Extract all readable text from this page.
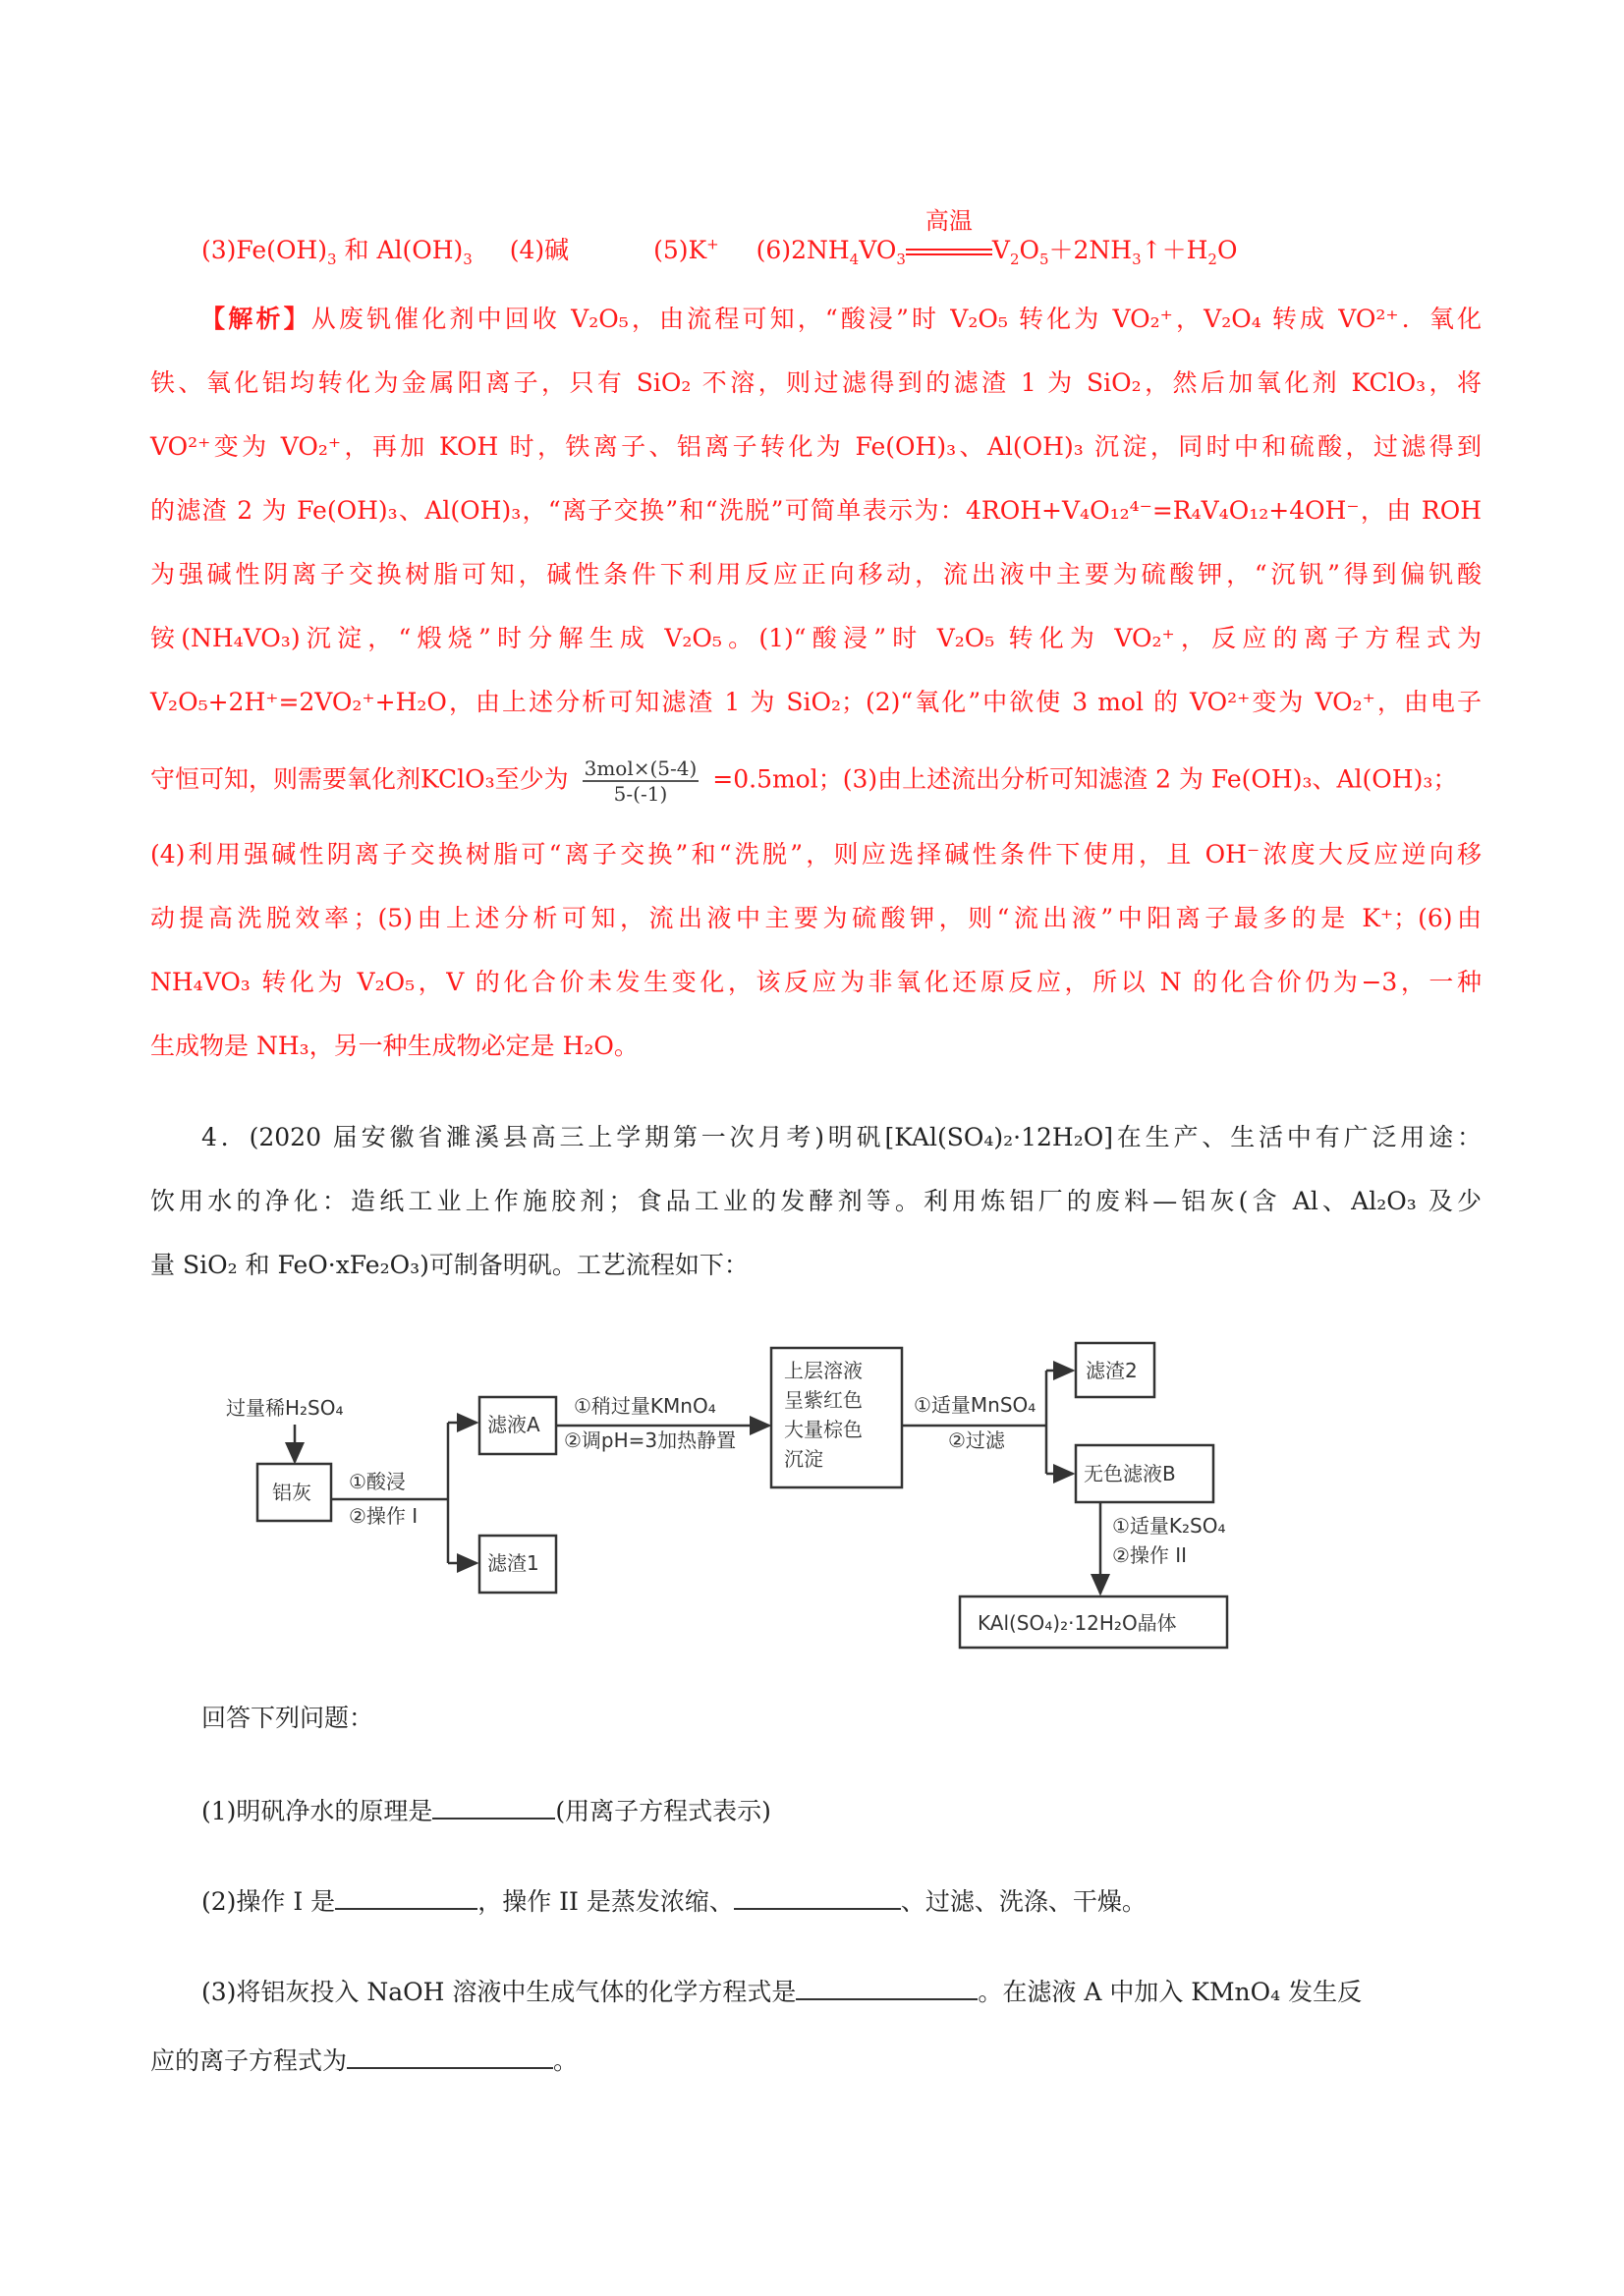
$(3)Fe(OH)_3$ 和 $Al(OH)_3$ (4)碱	(5)K+ $(6)2NH_4VO_3$
高温
$V_2O_5+2NH_3↑+H_2O$
【解析】从废钒催化剂中回收 V₂O₅，由流程可知，“酸浸”时 V₂O₅ 转化为 VO₂⁺，V₂O₄ 转成 VO²⁺．氧化
铁、氧化铝均转化为金属阳离子，只有 SiO₂ 不溶，则过滤得到的滤渣 1 为 SiO₂，然后加氧化剂 KClO₃，将
VO²⁺变为 VO₂⁺，再加 KOH 时，铁离子、铝离子转化为 Fe(OH)₃、Al(OH)₃ 沉淀，同时中和硫酸，过滤得到
的滤渣 2 为 Fe(OH)₃、Al(OH)₃，“离子交换”和“洗脱”可简单表示为：4ROH+V₄O₁₂⁴⁻=R₄V₄O₁₂+4OH⁻，由 ROH
为强碱性阴离子交换树脂可知，碱性条件下利用反应正向移动，流出液中主要为硫酸钾，“沉钒”得到偏钒酸
铵(NH₄VO₃)沉淀，“煅烧”时分解生成 V₂O₅。(1)“酸浸”时 V₂O₅ 转化为 VO₂⁺，反应的离子方程式为
V₂O₅+2H⁺=2VO₂⁺+H₂O，由上述分析可知滤渣 1 为 SiO₂；(2)“氧化”中欲使 3 mol 的 VO²⁺变为 VO₂⁺，由电子
守恒可知，则需要氧化剂KClO₃至少为 $\frac{\text{3mol×(5-4)}}{5-(-1)} =0.5mol$；(3)由上述流出分析可知滤渣 2 为 Fe(OH)₃、Al(OH)₃；
(4)利用强碱性阴离子交换树脂可“离子交换”和“洗脱”，则应选择碱性条件下使用，且 OH⁻浓度大反应逆向移
动提高洗脱效率；(5)由上述分析可知，流出液中主要为硫酸钾，则“流出液”中阳离子最多的是 K⁺；(6)由
NH₄VO₃ 转化为 V₂O₅，V 的化合价未发生变化，该反应为非氧化还原反应，所以 N 的化合价仍为−3，一种
生成物是 NH₃，另一种生成物必定是 H₂O。
4．(2020 届安徽省濉溪县高三上学期第一次月考)明矾[KAl(SO₄)₂·12H₂O]在生产、生活中有广泛用途：
饮用水的净化：造纸工业上作施胶剂；食品工业的发酵剂等。利用炼铝厂的废料—铝灰(含 Al、Al₂O₃ 及少
量 SiO₂ 和 FeO·xFe₂O₃)可制备明矾。工艺流程如下：
过量稀H₂SO₄
铝灰 ①酸浸
②操作 I
滤液A
滤渣1
①稍过量KMnO₄
②调pH=3加热静置
上层溶液
呈紫红色
大量棕色
沉淀
①适量MnSO₄
②过滤
滤渣2
无色滤液B
①适量K₂SO₄
②操作 II
KAl(SO₄)₂·12H₂O晶体
回答下列问题：
(1)明矾净水的原理是	(用离子方程式表示)
(2)操作 I 是	，操作 II 是蒸发浓缩、	、过滤、洗涤、干燥。
(3)将铝灰投入 NaOH 溶液中生成气体的化学方程式是	。在滤液 A 中加入 KMnO₄ 发生反
应的离子方程式为	。
